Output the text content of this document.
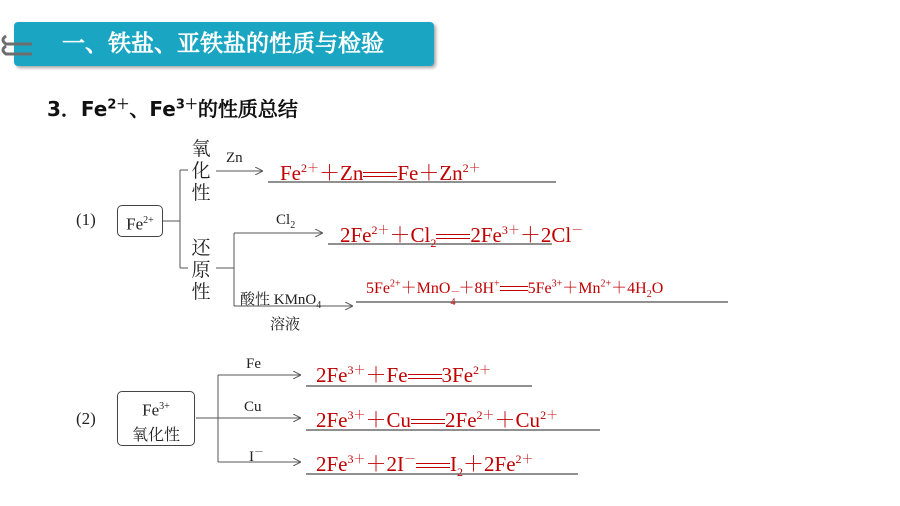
一、铁盐、亚铁盐的性质与检验
3．$Fe^{2+}$、$Fe^{3+}$的性质总结
(1)	$Fe^{2+}$
氧化性
还原性
Zn
$Fe^{2+}+Zn$ $Fe+Zn^{2+}$
$Cl_2$ $2Fe^{2+}+Cl_2$ $2Fe^{3+}+2Cl^-$
酸性 KMnO$_4$
溶液
$5Fe^{2+}+MnO$ －
4
＋8H+ $5Fe^{3+}+Mn^{2+}+4H_2O$
(2)	$Fe^{3+}$
氧化性
Fe	$2Fe^{3+}+Fe$ $3Fe^{2+}$
Cu
$2Fe^{3+}+Cu$ $2Fe^{2+}+Cu^{2+}$
I－ $2Fe^{3+}+2I^-$ $I_2+2Fe^{2+}$
